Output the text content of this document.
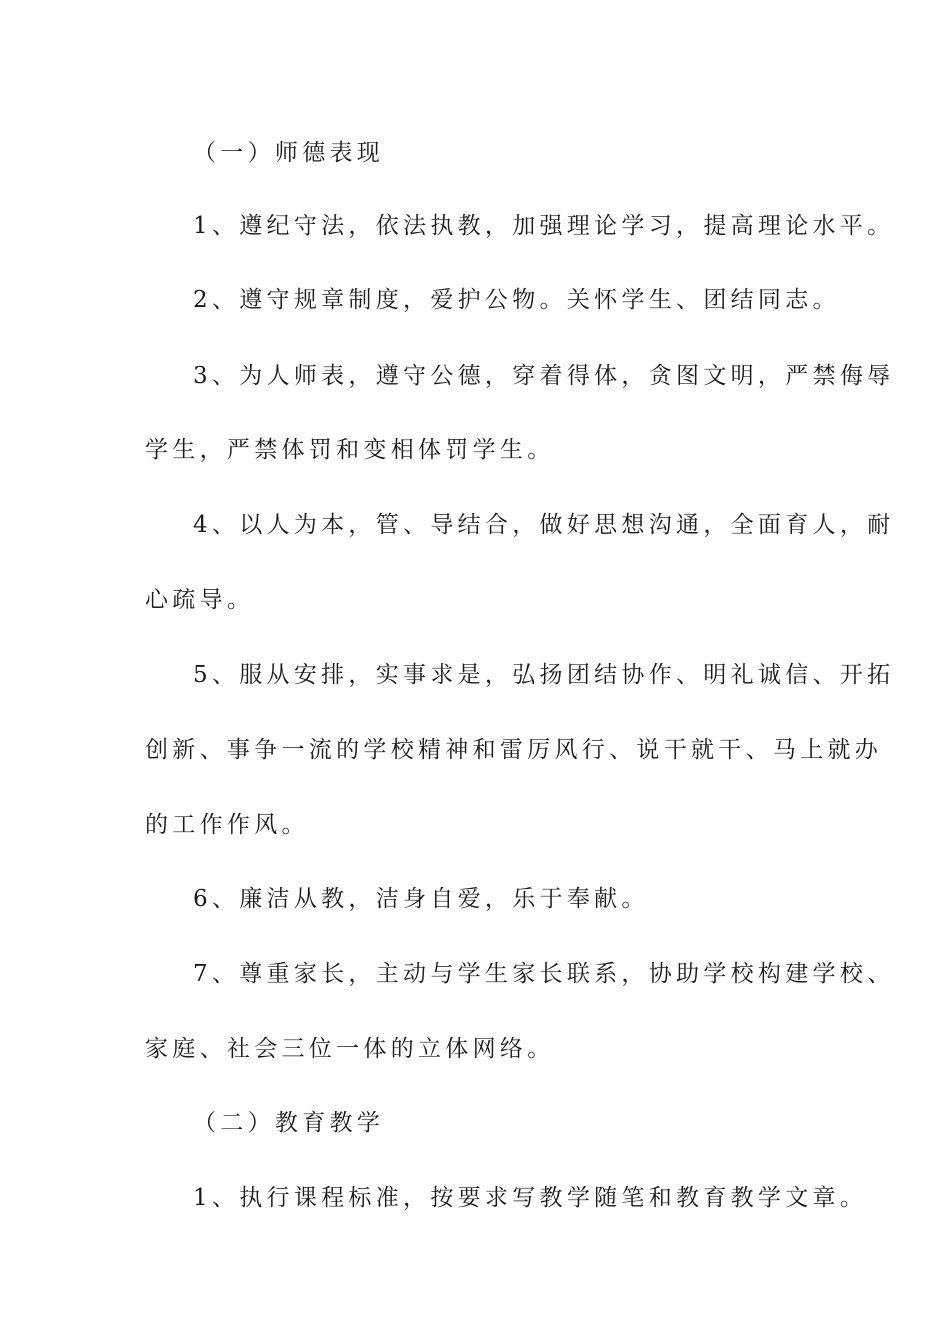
（一）师德表现
1、遵纪守法，依法执教，加强理论学习，提高理论水平。
2、遵守规章制度，爱护公物。关怀学生、团结同志。
3、为人师表，遵守公德，穿着得体，贪图文明，严禁侮辱
学生，严禁体罚和变相体罚学生。
4、以人为本，管、导结合，做好思想沟通，全面育人，耐
心疏导。
5、服从安排，实事求是，弘扬团结协作、明礼诚信、开拓
创新、事争一流的学校精神和雷厉风行、说干就干、马上就办
的工作作风。
6、廉洁从教，洁身自爱，乐于奉献。
7、尊重家长，主动与学生家长联系，协助学校构建学校、
家庭、社会三位一体的立体网络。
（二）教育教学
1、执行课程标准，按要求写教学随笔和教育教学文章。
